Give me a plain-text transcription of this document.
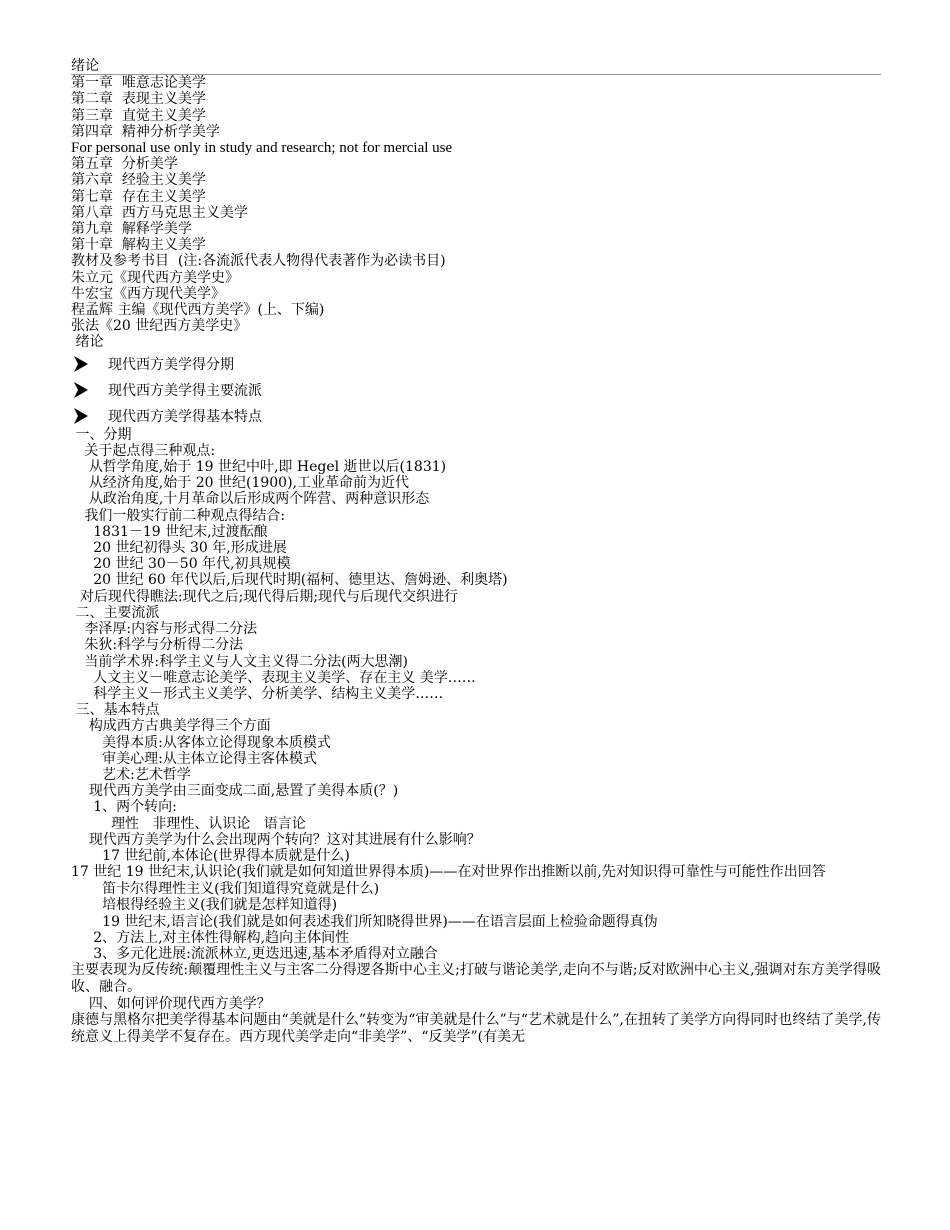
绪论
第一章  唯意志论美学
第二章  表现主义美学
第三章  直觉主义美学
第四章  精神分析学美学
For personal use only in study and research; not for mercial use
第五章  分析美学
第六章  经验主义美学
第七章  存在主义美学
第八章  西方马克思主义美学
第九章  解释学美学
第十章  解构主义美学
教材及参考书目  (注:各流派代表人物得代表著作为必读书目)
朱立元《现代西方美学史》
牛宏宝《西方现代美学》
程孟辉 主编《现代西方美学》(上、下编)
张法《20 世纪西方美学史》
绪论
现代西方美学得分期
现代西方美学得主要流派
现代西方美学得基本特点
一、分期
关于起点得三种观点:
从哲学角度,始于 19 世纪中叶,即 Hegel 逝世以后(1831)
从经济角度,始于 20 世纪(1900),工业革命前为近代
从政治角度,十月革命以后形成两个阵营、两种意识形态
我们一般实行前二种观点得结合:
1831－19 世纪末,过渡酝酿
20 世纪初得头 30 年,形成进展
20 世纪 30－50 年代,初具规模
20 世纪 60 年代以后,后现代时期(福柯、德里达、詹姆逊、利奥塔)
对后现代得瞧法:现代之后;现代得后期;现代与后现代交织进行
二、主要流派
李泽厚:内容与形式得二分法
朱狄:科学与分析得二分法
当前学术界:科学主义与人文主义得二分法(两大思潮)
人文主义－唯意志论美学、表现主义美学、存在主义 美学……
科学主义－形式主义美学、分析美学、结构主义美学……
三、基本特点
构成西方古典美学得三个方面
美得本质:从客体立论得现象本质模式
审美心理:从主体立论得主客体模式
艺术:艺术哲学
现代西方美学由三面变成二面,悬置了美得本质(？)
1、两个转向:
理性   非理性、认识论   语言论
现代西方美学为什么会出现两个转向？这对其进展有什么影响？
17 世纪前,本体论(世界得本质就是什么)
17 世纪 19 世纪末,认识论(我们就是如何知道世界得本质)——在对世界作出推断以前,先对知识得可靠性与可能性作出回答
笛卡尔得理性主义(我们知道得究竟就是什么)
培根得经验主义(我们就是怎样知道得)
19 世纪末,语言论(我们就是如何表述我们所知晓得世界)——在语言层面上检验命题得真伪
2、方法上,对主体性得解构,趋向主体间性
3、多元化进展:流派林立,更迭迅速,基本矛盾得对立融合
主要表现为反传统:颠覆理性主义与主客二分得逻各斯中心主义;打破与谐论美学,走向不与谐;反对欧洲中心主义,强调对东方美学得吸收、融合。
四、如何评价现代西方美学？
康德与黑格尔把美学得基本问题由“美就是什么”转变为“审美就是什么”与“艺术就是什么”,在扭转了美学方向得同时也终结了美学,传统意义上得美学不复存在。西方现代美学走向“非美学”、“反美学”(有美无
